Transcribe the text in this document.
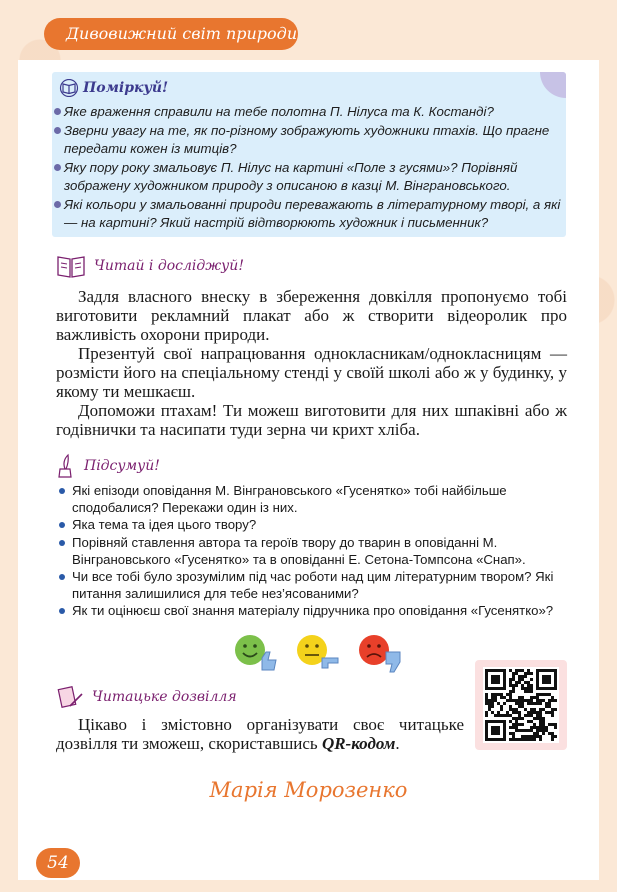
Дивовижний світ природи
Поміркуй!
Яке враження справили на тебе полотна П. Нілуса та К. Костанді?
Зверни увагу на те, як по-різному зображують художники птахів. Що прагне передати кожен із митців?
Яку пору року змальовує П. Нілус на картині «Поле з гусями»? Порівняй зображену художником природу з описаною в казці М. Вінграновського.
Які кольори у змальованні природи переважають в літературному творі, а які — на картині? Який настрій відтворюють художник і письменник?
Читай і досліджуй!

Задля власного внеску в збереження довкілля пропонуємо тобі виготовити рекламний плакат або ж створити відеоролик про важливість охорони природи.

Презентуй свої напрацювання однокласникам/однокласницям — розмісти його на спеціальному стенді у своїй школі або ж у будинку, у якому ти мешкаєш.

Допоможи птахам! Ти можеш виготовити для них шпаківні або ж годівнички та насипати туди зерна чи крихт хліба.

Підсумуй!
Які епізоди оповідання М. Вінграновського «Гусенятко» тобі найбільше сподобалися? Перекажи один із них.
Яка тема та ідея цього твору?
Порівняй ставлення автора та героїв твору до тварин в оповіданні М. Вінграновського «Гусенятко» та в оповіданні Е. Сетона-Томпсона «Снап».
Чи все тобі було зрозумілим під час роботи над цим літературним твором? Які питання залишилися для тебе нез’ясованими?
Як ти оцінюєш свої знання матеріалу підручника про оповідання «Гусенятко»?
Читацьке дозвілля

Цікаво і змістовно організувати своє читацьке дозвілля ти зможеш, скориставшись QR-кодом.

Марія Морозенко
54
